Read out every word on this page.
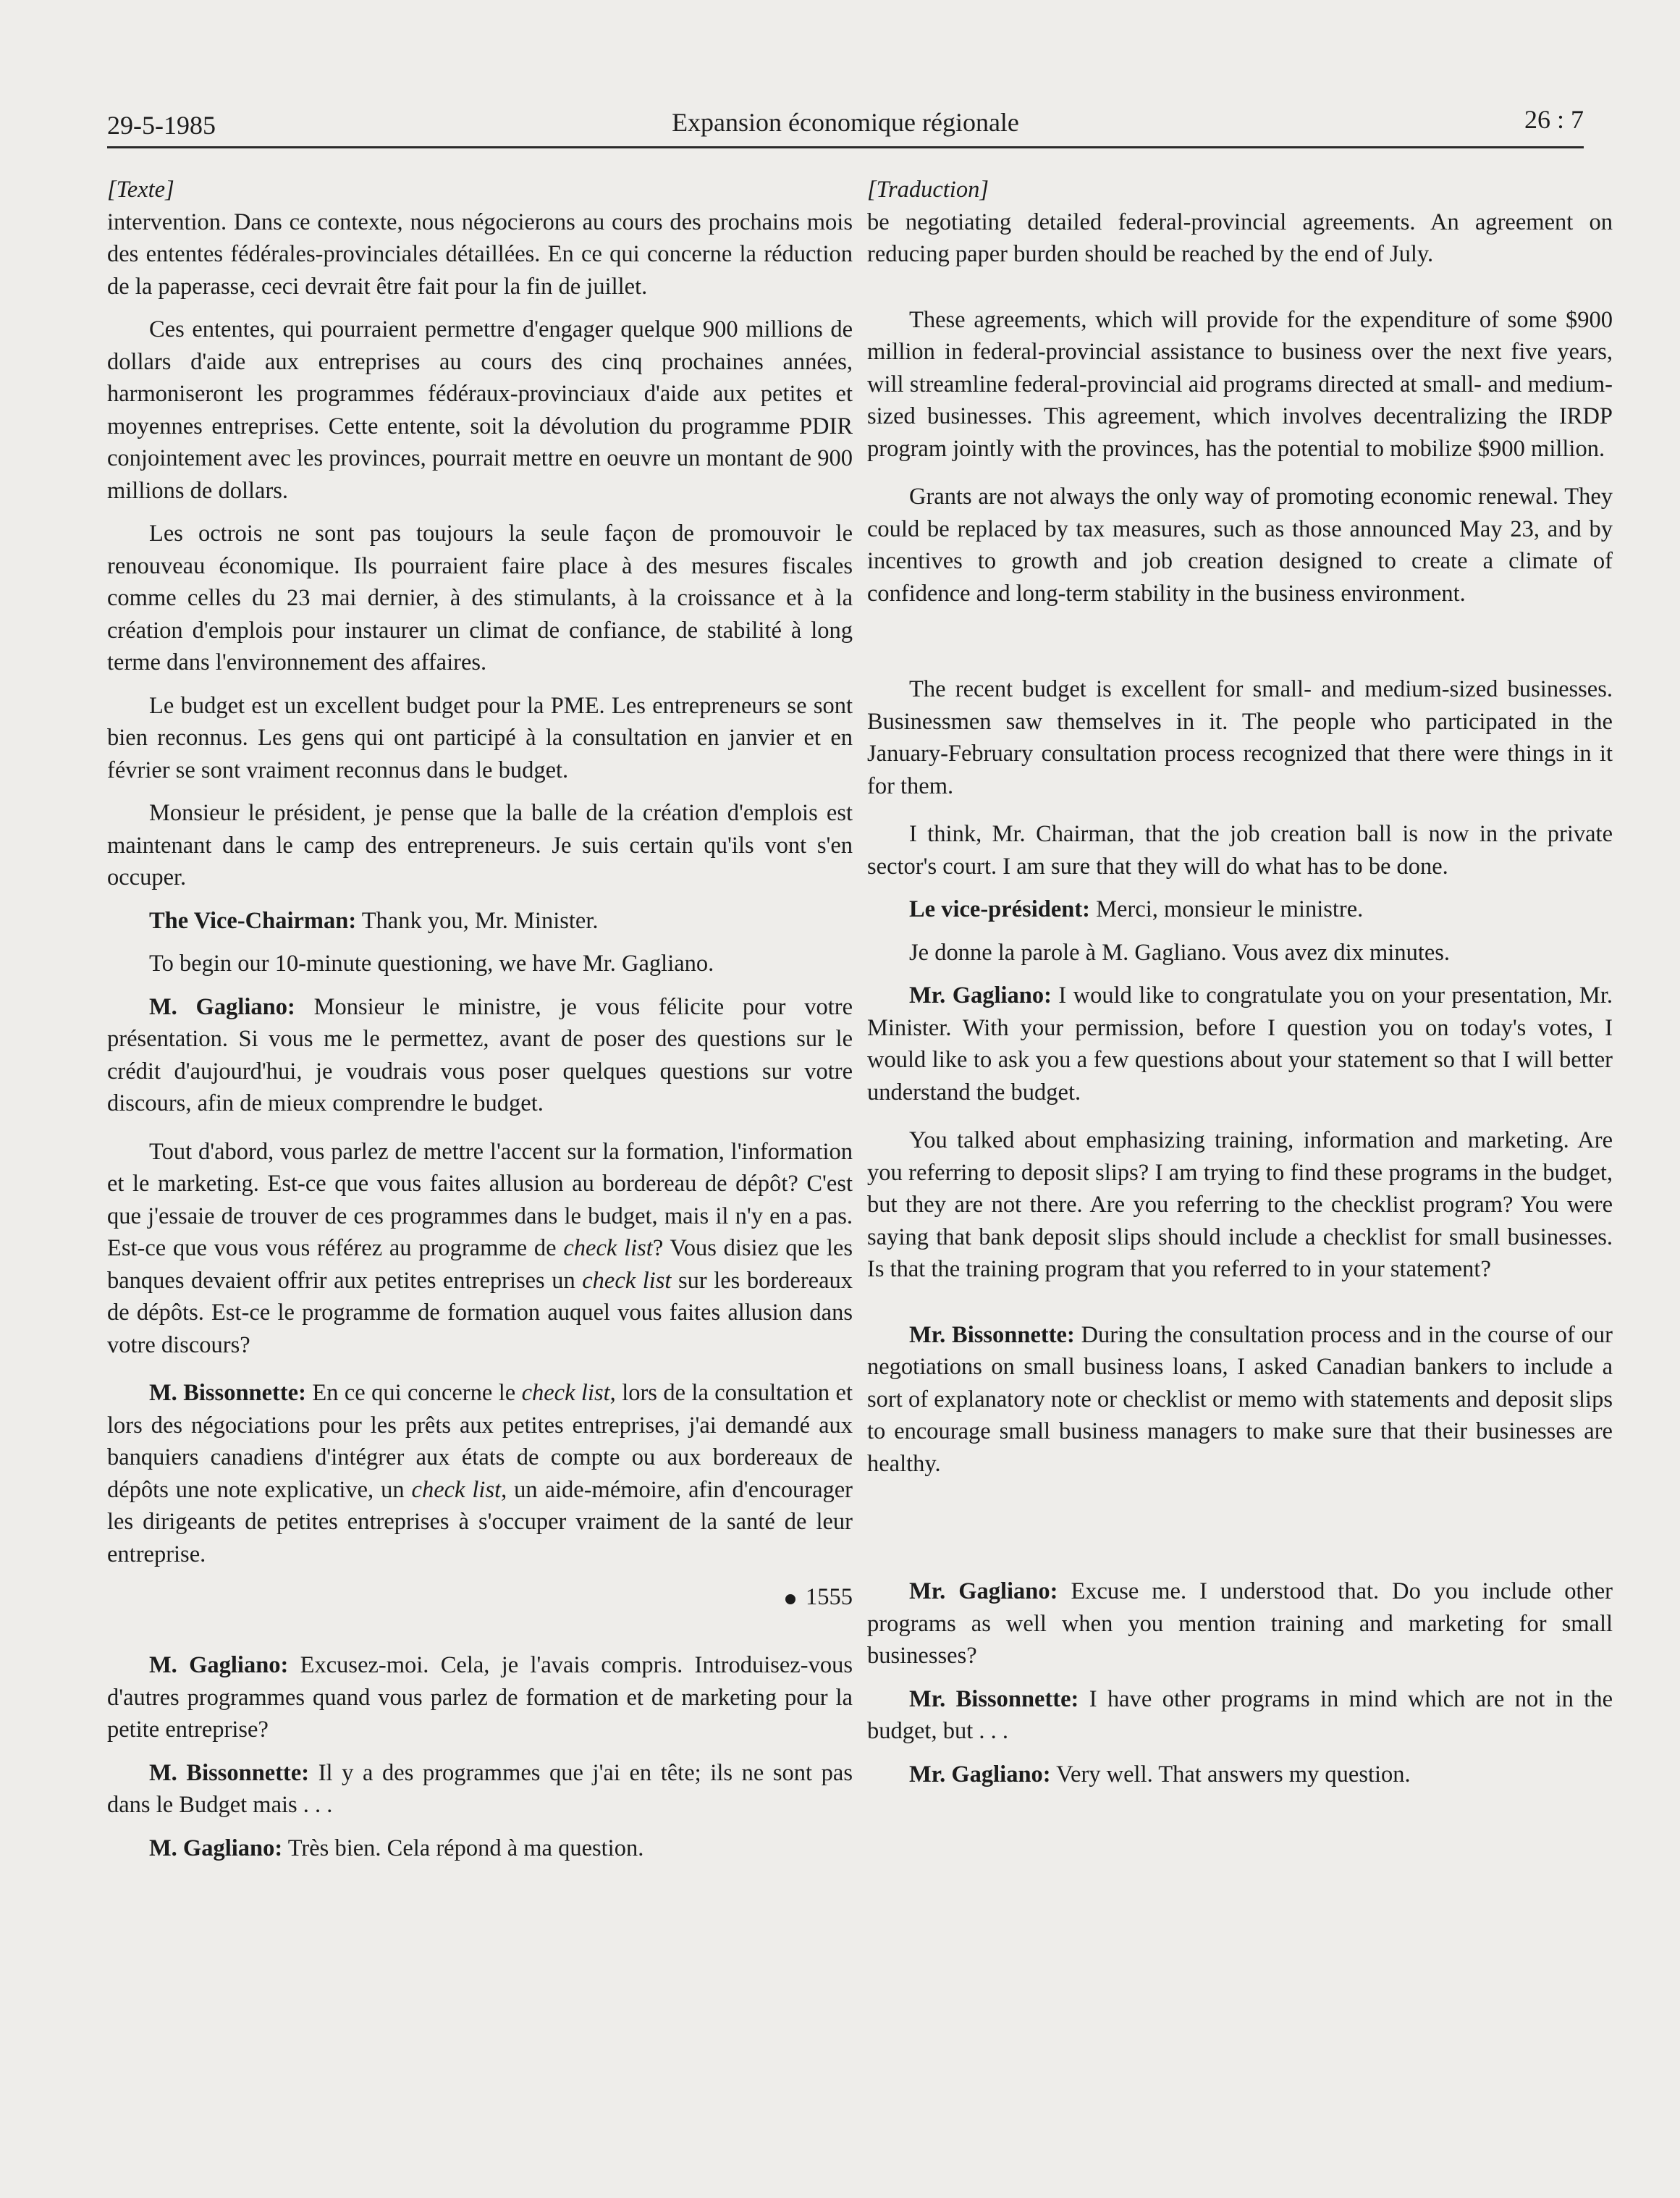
29-5-1985	Expansion économique régionale	26 : 7

[Texte]

intervention. Dans ce contexte, nous négocierons au cours des prochains mois des ententes fédérales-provinciales détaillées. En ce qui concerne la réduction de la paperasse, ceci devrait être fait pour la fin de juillet.

Ces ententes, qui pourraient permettre d'engager quelque 900 millions de dollars d'aide aux entreprises au cours des cinq prochaines années, harmoniseront les programmes fédéraux-provinciaux d'aide aux petites et moyennes entreprises. Cette entente, soit la dévolution du programme PDIR conjointement avec les provinces, pourrait mettre en oeuvre un montant de 900 millions de dollars.

Les octrois ne sont pas toujours la seule façon de promouvoir le renouveau économique. Ils pourraient faire place à des mesures fiscales comme celles du 23 mai dernier, à des stimulants, à la croissance et à la création d'emplois pour instaurer un climat de confiance, de stabilité à long terme dans l'environnement des affaires.

Le budget est un excellent budget pour la PME. Les entrepreneurs se sont bien reconnus. Les gens qui ont participé à la consultation en janvier et en février se sont vraiment reconnus dans le budget.

Monsieur le président, je pense que la balle de la création d'emplois est maintenant dans le camp des entrepreneurs. Je suis certain qu'ils vont s'en occuper.

The Vice-Chairman: Thank you, Mr. Minister.

To begin our 10-minute questioning, we have Mr. Gagliano.

M. Gagliano: Monsieur le ministre, je vous félicite pour votre présentation. Si vous me le permettez, avant de poser des questions sur le crédit d'aujourd'hui, je voudrais vous poser quelques questions sur votre discours, afin de mieux comprendre le budget.

Tout d'abord, vous parlez de mettre l'accent sur la formation, l'information et le marketing. Est-ce que vous faites allusion au bordereau de dépôt? C'est que j'essaie de trouver de ces programmes dans le budget, mais il n'y en a pas. Est-ce que vous vous référez au programme de check list? Vous disiez que les banques devaient offrir aux petites entreprises un check list sur les bordereaux de dépôts. Est-ce le programme de formation auquel vous faites allusion dans votre discours?

M. Bissonnette: En ce qui concerne le check list, lors de la consultation et lors des négociations pour les prêts aux petites entreprises, j'ai demandé aux banquiers canadiens d'intégrer aux états de compte ou aux bordereaux de dépôts une note explicative, un check list, un aide-mémoire, afin d'encourager les dirigeants de petites entreprises à s'occuper vraiment de la santé de leur entreprise.

1555

M. Gagliano: Excusez-moi. Cela, je l'avais compris. Introduisez-vous d'autres programmes quand vous parlez de formation et de marketing pour la petite entreprise?

M. Bissonnette: Il y a des programmes que j'ai en tête; ils ne sont pas dans le Budget mais . . .

M. Gagliano: Très bien. Cela répond à ma question.

[Traduction]

be negotiating detailed federal-provincial agreements. An agreement on reducing paper burden should be reached by the end of July.

These agreements, which will provide for the expenditure of some $900 million in federal-provincial assistance to business over the next five years, will streamline federal-provincial aid programs directed at small- and medium-sized businesses. This agreement, which involves decentralizing the IRDP program jointly with the provinces, has the potential to mobilize $900 million.

Grants are not always the only way of promoting economic renewal. They could be replaced by tax measures, such as those announced May 23, and by incentives to growth and job creation designed to create a climate of confidence and long-term stability in the business environment.

The recent budget is excellent for small- and medium-sized businesses. Businessmen saw themselves in it. The people who participated in the January-February consultation process recognized that there were things in it for them.

I think, Mr. Chairman, that the job creation ball is now in the private sector's court. I am sure that they will do what has to be done.

Le vice-président: Merci, monsieur le ministre.

Je donne la parole à M. Gagliano. Vous avez dix minutes.

Mr. Gagliano: I would like to congratulate you on your presentation, Mr. Minister. With your permission, before I question you on today's votes, I would like to ask you a few questions about your statement so that I will better understand the budget.

You talked about emphasizing training, information and marketing. Are you referring to deposit slips? I am trying to find these programs in the budget, but they are not there. Are you referring to the checklist program? You were saying that bank deposit slips should include a checklist for small businesses. Is that the training program that you referred to in your statement?

Mr. Bissonnette: During the consultation process and in the course of our negotiations on small business loans, I asked Canadian bankers to include a sort of explanatory note or checklist or memo with statements and deposit slips to encourage small business managers to make sure that their businesses are healthy.

Mr. Gagliano: Excuse me. I understood that. Do you include other programs as well when you mention training and marketing for small businesses?

Mr. Bissonnette: I have other programs in mind which are not in the budget, but . . .

Mr. Gagliano: Very well. That answers my question.
